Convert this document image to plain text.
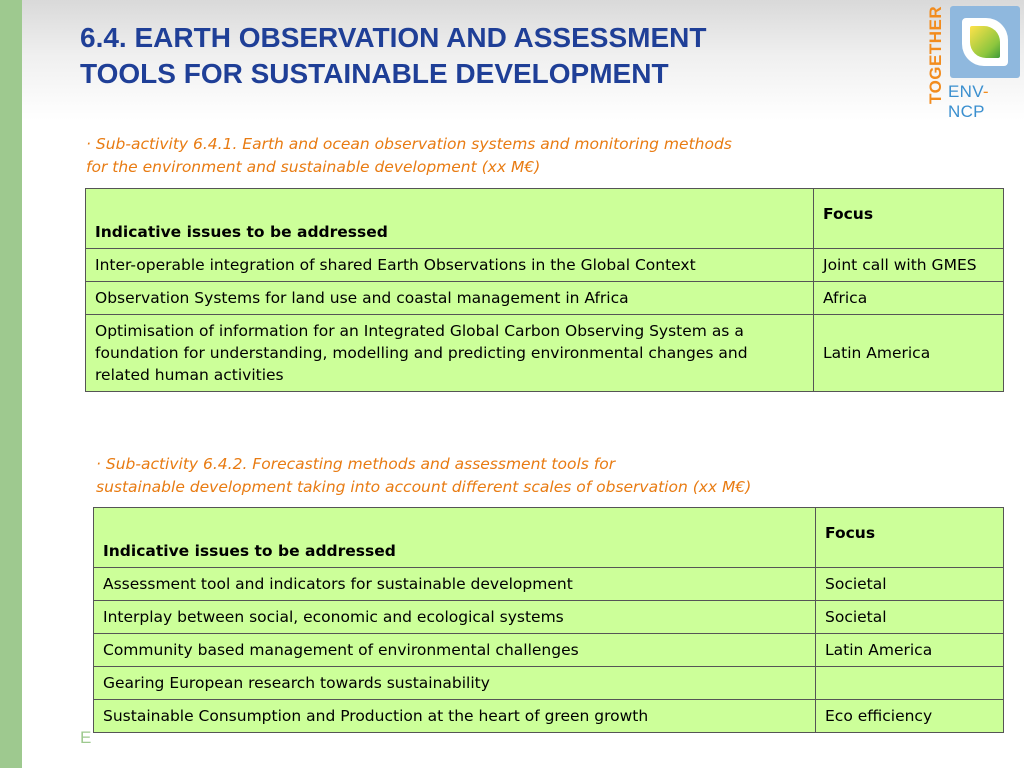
6.4. EARTH OBSERVATION AND ASSESSMENT
TOOLS FOR SUSTAINABLE DEVELOPMENT	TOGETHER ENV-NCP
· Sub-activity 6.4.1. Earth and ocean observation systems and monitoring methods
for the environment and sustainable development (xx M€)
Indicative issues to be addressed	Focus
Inter-operable integration of shared Earth Observations in the Global Context	Joint call with GMES
Observation Systems for land use and coastal management in Africa	Africa
Optimisation of information for an Integrated Global Carbon Observing System as a foundation for understanding, modelling and predicting environmental changes and related human activities	Latin America
· Sub-activity 6.4.2. Forecasting methods and assessment tools for
sustainable development taking into account different scales of observation (xx M€)
E
Indicative issues to be addressed	Focus
Assessment tool and indicators for sustainable development	Societal
Interplay between social, economic and ecological systems	Societal
Community based management of environmental challenges	Latin America
Gearing European research towards sustainability	
Sustainable Consumption and Production at the heart of green growth	Eco efficiency
